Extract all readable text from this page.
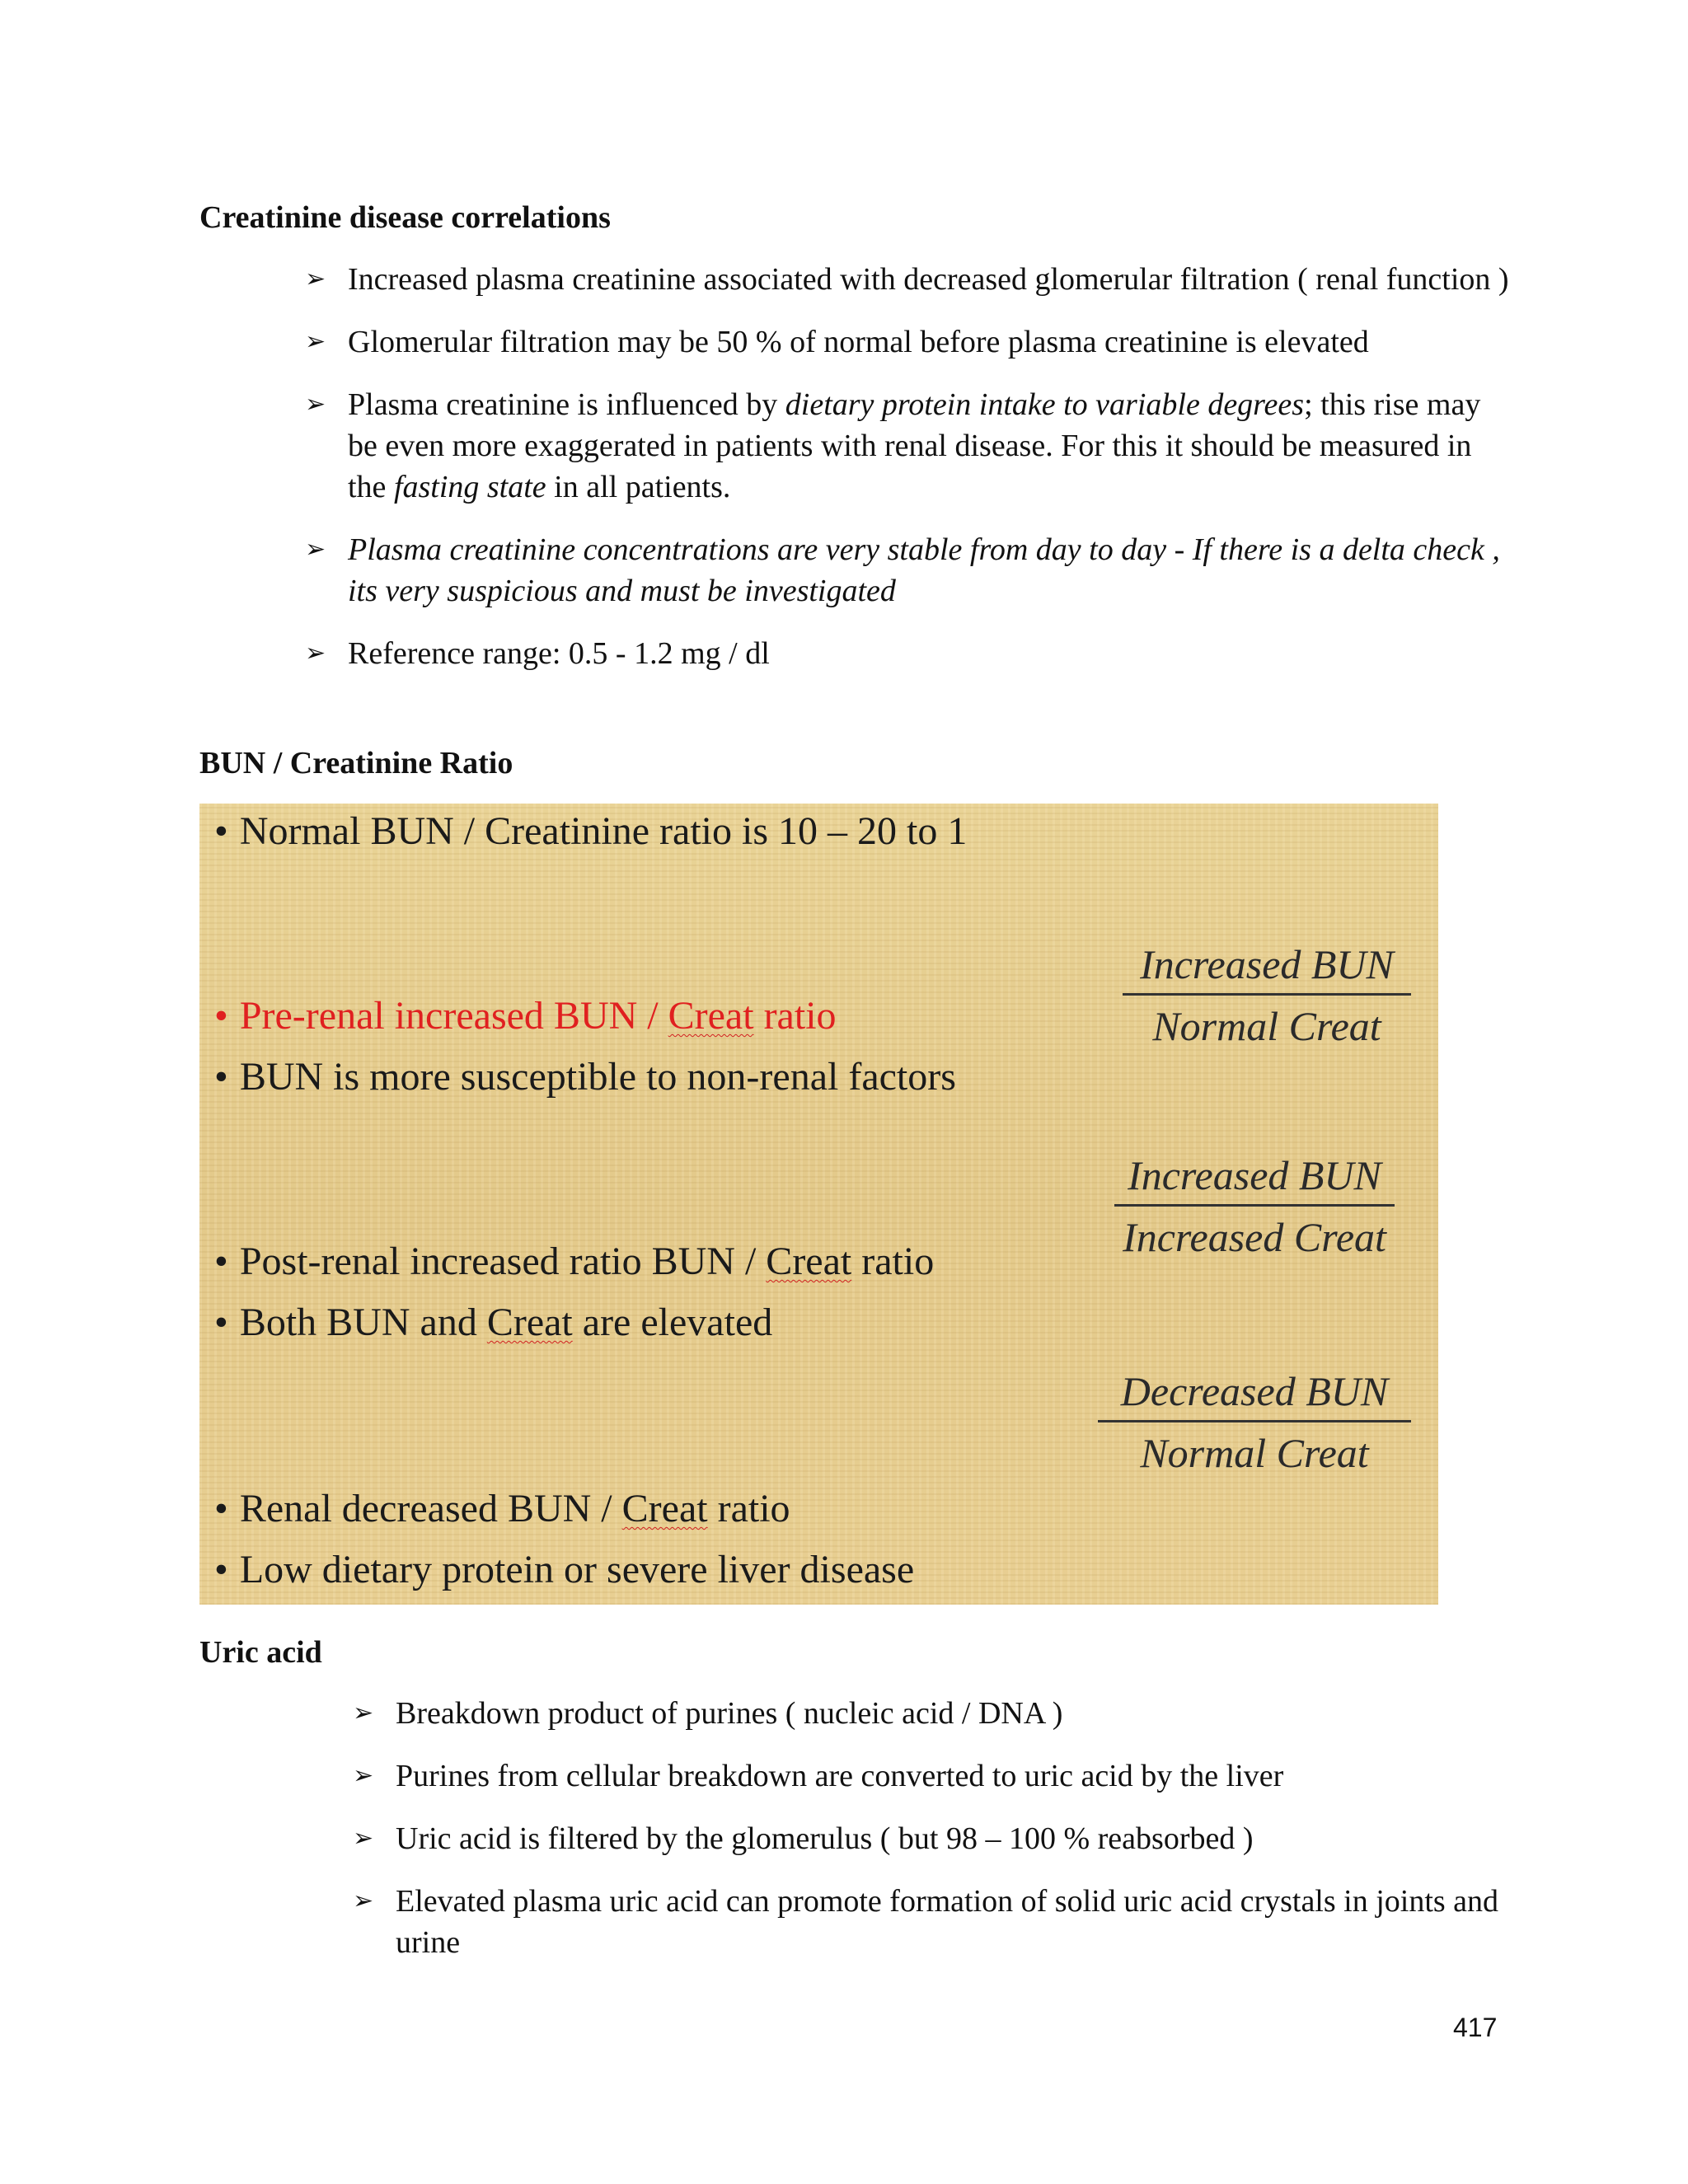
Creatinine disease correlations
➢ Increased plasma creatinine associated with decreased glomerular filtration ( renal function )
➢ Glomerular filtration may be 50 % of normal before plasma creatinine is elevated
➢ Plasma creatinine is influenced by dietary protein intake to variable degrees; this rise may be even more exaggerated in patients with renal disease. For this it should be measured in the fasting state in all patients.
➢ Plasma creatinine concentrations are very stable from day to day - If there is a delta check , its very suspicious and must be investigated
➢ Reference range: 0.5 - 1.2 mg / dl
BUN / Creatinine Ratio
• Normal BUN / Creatinine ratio is 10 – 20 to 1
• Pre-renal increased BUN / Creat ratio
• BUN is more susceptible to non-renal factors
• Post-renal increased ratio BUN / Creat ratio
• Both BUN and Creat are elevated
• Renal decreased BUN / Creat ratio
• Low dietary protein or severe liver disease
Increased BUN
Normal Creat
Increased BUN
Increased Creat
Decreased BUN
Normal Creat
Uric acid
➢ Breakdown product of purines ( nucleic acid / DNA )
➢ Purines from cellular breakdown are converted to uric acid by the liver
➢ Uric acid is filtered by the glomerulus ( but 98 – 100 % reabsorbed )
➢ Elevated plasma uric acid can promote formation of solid uric acid crystals in joints and urine
417
